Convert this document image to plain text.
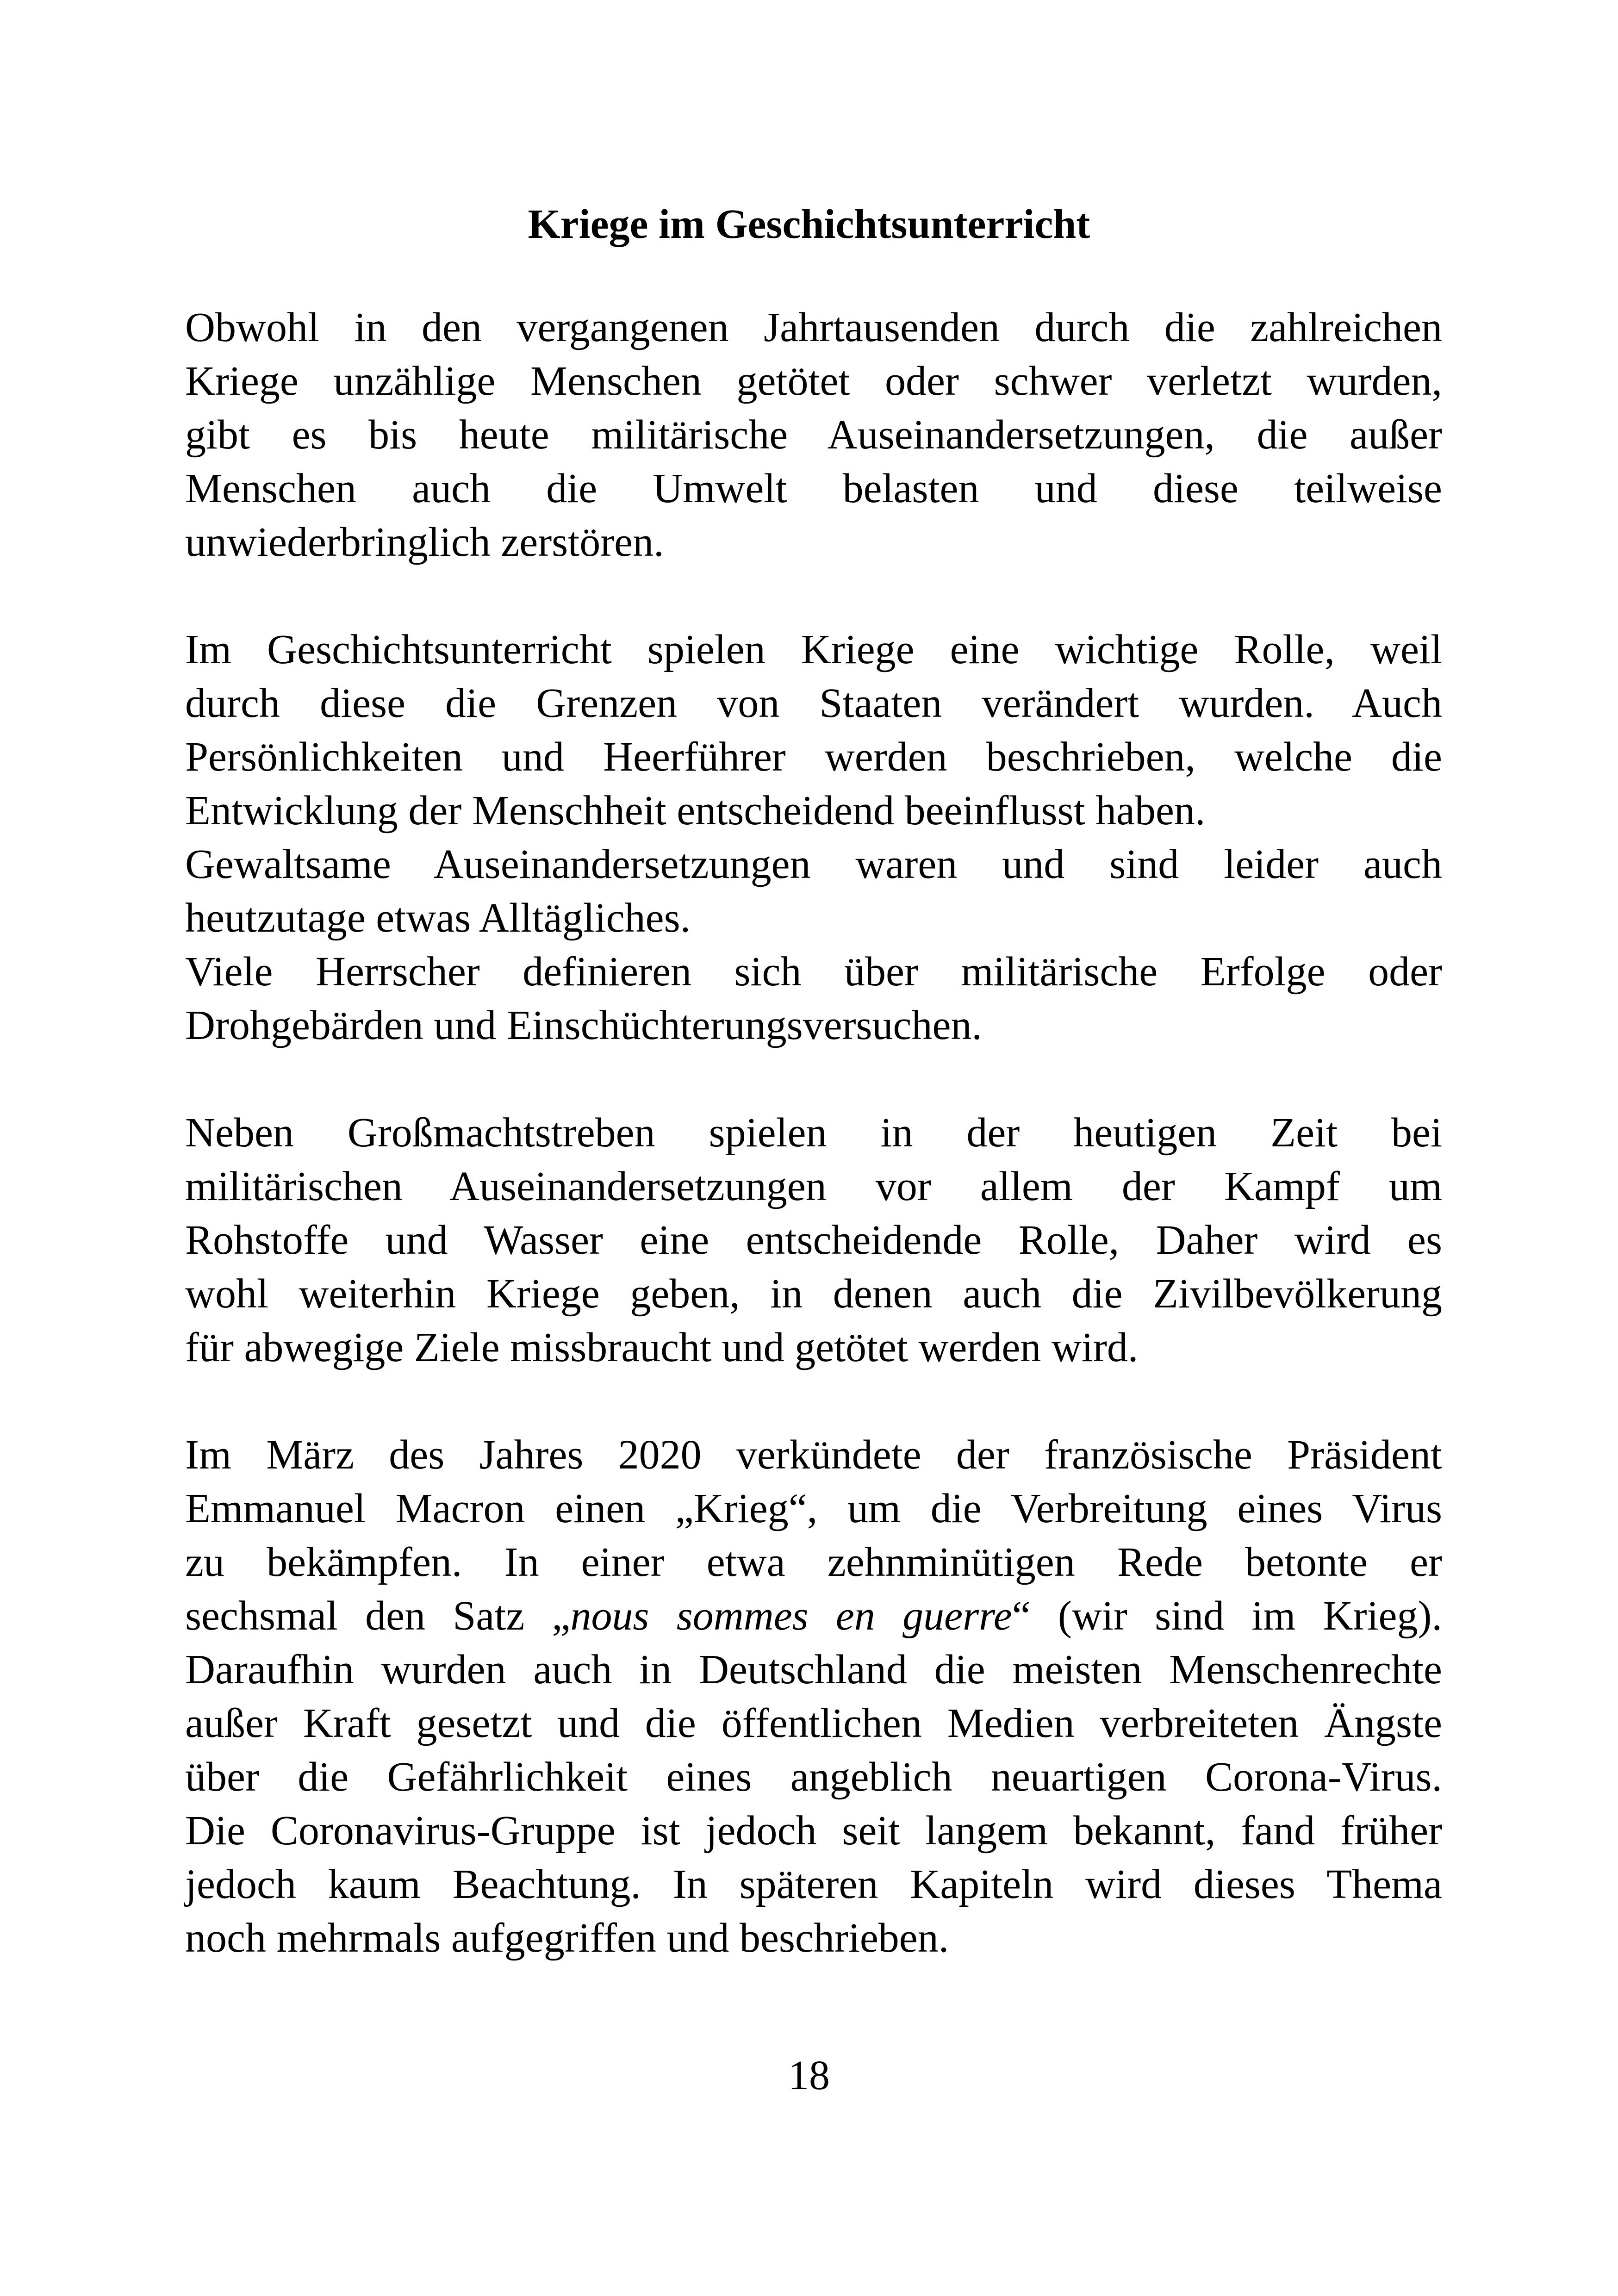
Kriege im Geschichtsunterricht

Obwohl in den vergangenen Jahrtausenden durch die zahlreichen
Kriege unzählige Menschen getötet oder schwer verletzt wurden,
gibt es bis heute militärische Auseinandersetzungen, die außer
Menschen auch die Umwelt belasten und diese teilweise
unwiederbringlich zerstören.

Im Geschichtsunterricht spielen Kriege eine wichtige Rolle, weil
durch diese die Grenzen von Staaten verändert wurden. Auch
Persönlichkeiten und Heerführer werden beschrieben, welche die
Entwicklung der Menschheit entscheidend beeinflusst haben.

Gewaltsame Auseinandersetzungen waren und sind leider auch
heutzutage etwas Alltägliches.

Viele Herrscher definieren sich über militärische Erfolge oder
Drohgebärden und Einschüchterungsversuchen.

Neben Großmachtstreben spielen in der heutigen Zeit bei
militärischen Auseinandersetzungen vor allem der Kampf um
Rohstoffe und Wasser eine entscheidende Rolle, Daher wird es
wohl weiterhin Kriege geben, in denen auch die Zivilbevölkerung
für abwegige Ziele missbraucht und getötet werden wird.

Im März des Jahres 2020 verkündete der französische Präsident
Emmanuel Macron einen „Krieg“, um die Verbreitung eines Virus
zu bekämpfen. In einer etwa zehnminütigen Rede betonte er
sechsmal den Satz „nous sommes en guerre“ (wir sind im Krieg).
Daraufhin wurden auch in Deutschland die meisten Menschenrechte
außer Kraft gesetzt und die öffentlichen Medien verbreiteten Ängste
über die Gefährlichkeit eines angeblich neuartigen Corona-Virus.
Die Coronavirus-Gruppe ist jedoch seit langem bekannt, fand früher
jedoch kaum Beachtung. In späteren Kapiteln wird dieses Thema
noch mehrmals aufgegriffen und beschrieben.

18
